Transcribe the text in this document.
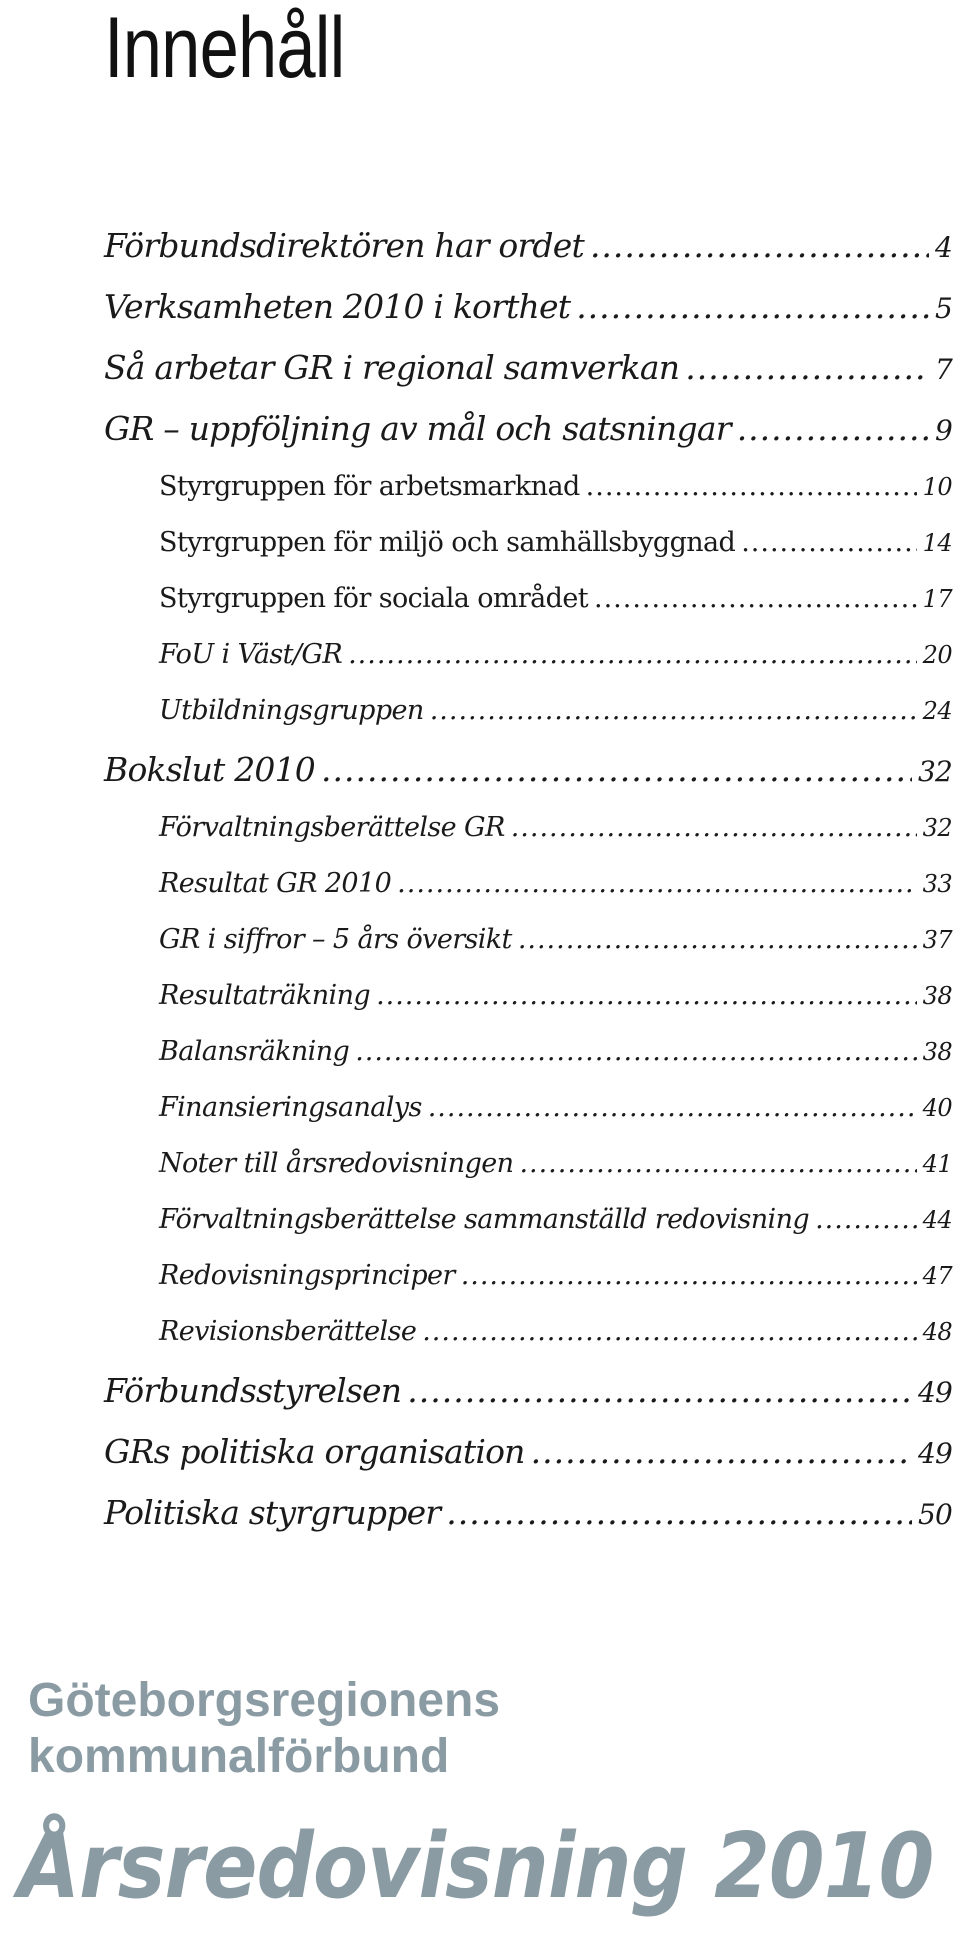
Innehåll
Förbundsdirektören har ordet .....	4
Verksamheten 2010 i korthet .....	5
Så arbetar GR i regional samverkan .....	7
GR – uppföljning av mål och satsningar .....	9
Styrgruppen för arbetsmarknad .....	10
Styrgruppen för miljö och samhällsbyggnad .....	14
Styrgruppen för sociala området .....	17
FoU i Väst/GR .....	20
Utbildningsgruppen .....	24
Bokslut 2010 .....	32
Förvaltningsberättelse GR .....	32
Resultat GR 2010 .....	33
GR i siffror – 5 års översikt .....	37
Resultaträkning .....	38
Balansräkning .....	38
Finansieringsanalys .....	40
Noter till årsredovisningen .....	41
Förvaltningsberättelse sammanställd redovisning .....	44
Redovisningsprinciper .....	47
Revisionsberättelse .....	48
Förbundsstyrelsen .....	49
GRs politiska organisation .....	49
Politiska styrgrupper .....	50

Göteborgsregionens
kommunalförbund

Årsredovisning 2010
